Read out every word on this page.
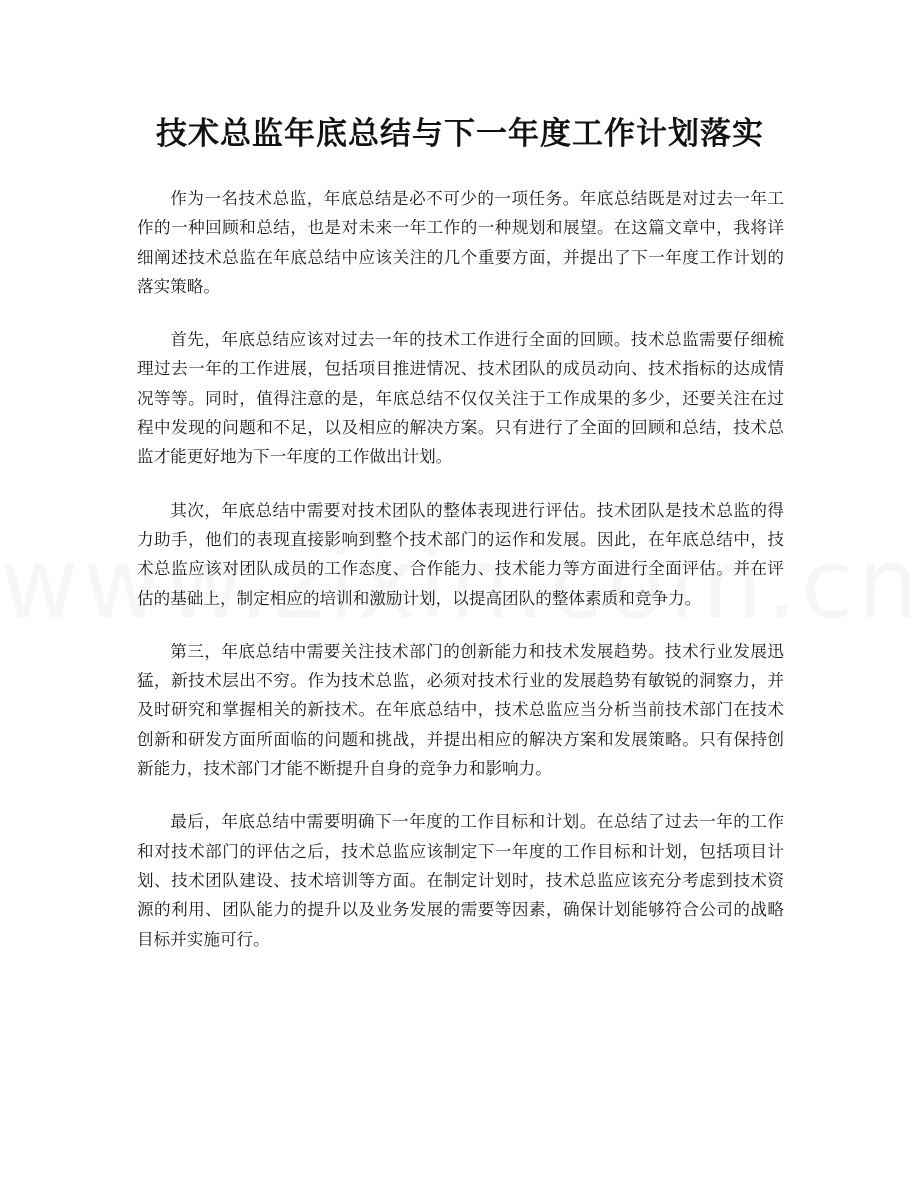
技术总监年底总结与下一年度工作计划落实

作为一名技术总监，年底总结是必不可少的一项任务。年底总结既是对过去一年工作的一种回顾和总结，也是对未来一年工作的一种规划和展望。在这篇文章中，我将详细阐述技术总监在年底总结中应该关注的几个重要方面，并提出了下一年度工作计划的落实策略。

首先，年底总结应该对过去一年的技术工作进行全面的回顾。技术总监需要仔细梳理过去一年的工作进展，包括项目推进情况、技术团队的成员动向、技术指标的达成情况等等。同时，值得注意的是，年底总结不仅仅关注于工作成果的多少，还要关注在过程中发现的问题和不足，以及相应的解决方案。只有进行了全面的回顾和总结，技术总监才能更好地为下一年度的工作做出计划。

其次，年底总结中需要对技术团队的整体表现进行评估。技术团队是技术总监的得力助手，他们的表现直接影响到整个技术部门的运作和发展。因此，在年底总结中，技术总监应该对团队成员的工作态度、合作能力、技术能力等方面进行全面评估。并在评估的基础上，制定相应的培训和激励计划，以提高团队的整体素质和竞争力。

第三，年底总结中需要关注技术部门的创新能力和技术发展趋势。技术行业发展迅猛，新技术层出不穷。作为技术总监，必须对技术行业的发展趋势有敏锐的洞察力，并及时研究和掌握相关的新技术。在年底总结中，技术总监应当分析当前技术部门在技术创新和研发方面所面临的问题和挑战，并提出相应的解决方案和发展策略。只有保持创新能力，技术部门才能不断提升自身的竞争力和影响力。

最后，年底总结中需要明确下一年度的工作目标和计划。在总结了过去一年的工作和对技术部门的评估之后，技术总监应该制定下一年度的工作目标和计划，包括项目计划、技术团队建设、技术培训等方面。在制定计划时，技术总监应该充分考虑到技术资源的利用、团队能力的提升以及业务发展的需要等因素，确保计划能够符合公司的战略目标并实施可行。
